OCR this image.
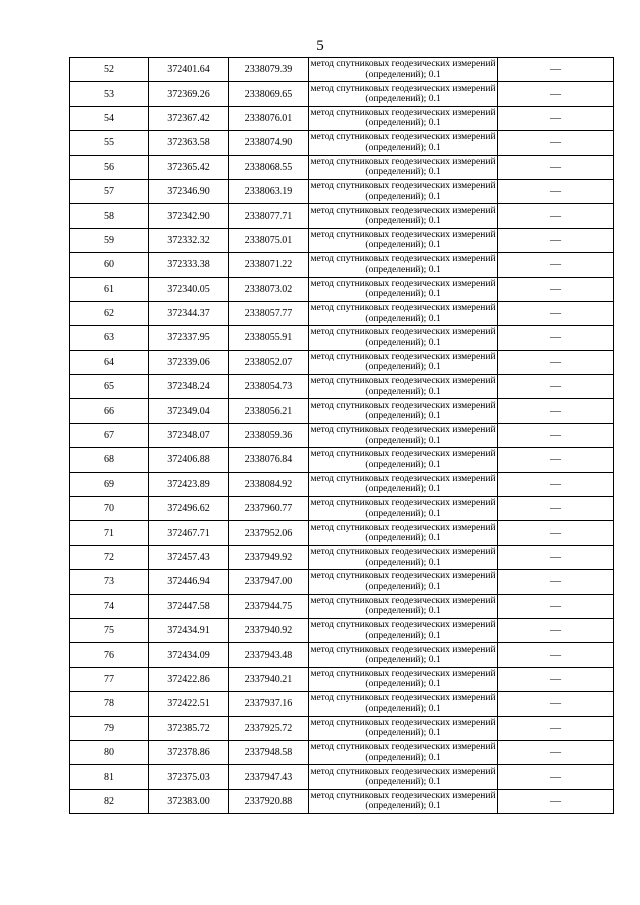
5
52	372401.64	2338079.39	метод спутниковых геодезических измерений (определений); 0.1	—
53	372369.26	2338069.65	метод спутниковых геодезических измерений (определений); 0.1	—
54	372367.42	2338076.01	метод спутниковых геодезических измерений (определений); 0.1	—
55	372363.58	2338074.90	метод спутниковых геодезических измерений (определений); 0.1	—
56	372365.42	2338068.55	метод спутниковых геодезических измерений (определений); 0.1	—
57	372346.90	2338063.19	метод спутниковых геодезических измерений (определений); 0.1	—
58	372342.90	2338077.71	метод спутниковых геодезических измерений (определений); 0.1	—
59	372332.32	2338075.01	метод спутниковых геодезических измерений (определений); 0.1	—
60	372333.38	2338071.22	метод спутниковых геодезических измерений (определений); 0.1	—
61	372340.05	2338073.02	метод спутниковых геодезических измерений (определений); 0.1	—
62	372344.37	2338057.77	метод спутниковых геодезических измерений (определений); 0.1	—
63	372337.95	2338055.91	метод спутниковых геодезических измерений (определений); 0.1	—
64	372339.06	2338052.07	метод спутниковых геодезических измерений (определений); 0.1	—
65	372348.24	2338054.73	метод спутниковых геодезических измерений (определений); 0.1	—
66	372349.04	2338056.21	метод спутниковых геодезических измерений (определений); 0.1	—
67	372348.07	2338059.36	метод спутниковых геодезических измерений (определений); 0.1	—
68	372406.88	2338076.84	метод спутниковых геодезических измерений (определений); 0.1	—
69	372423.89	2338084.92	метод спутниковых геодезических измерений (определений); 0.1	—
70	372496.62	2337960.77	метод спутниковых геодезических измерений (определений); 0.1	—
71	372467.71	2337952.06	метод спутниковых геодезических измерений (определений); 0.1	—
72	372457.43	2337949.92	метод спутниковых геодезических измерений (определений); 0.1	—
73	372446.94	2337947.00	метод спутниковых геодезических измерений (определений); 0.1	—
74	372447.58	2337944.75	метод спутниковых геодезических измерений (определений); 0.1	—
75	372434.91	2337940.92	метод спутниковых геодезических измерений (определений); 0.1	—
76	372434.09	2337943.48	метод спутниковых геодезических измерений (определений); 0.1	—
77	372422.86	2337940.21	метод спутниковых геодезических измерений (определений); 0.1	—
78	372422.51	2337937.16	метод спутниковых геодезических измерений (определений); 0.1	—
79	372385.72	2337925.72	метод спутниковых геодезических измерений (определений); 0.1	—
80	372378.86	2337948.58	метод спутниковых геодезических измерений (определений); 0.1	—
81	372375.03	2337947.43	метод спутниковых геодезических измерений (определений); 0.1	—
82	372383.00	2337920.88	метод спутниковых геодезических измерений (определений); 0.1	—
